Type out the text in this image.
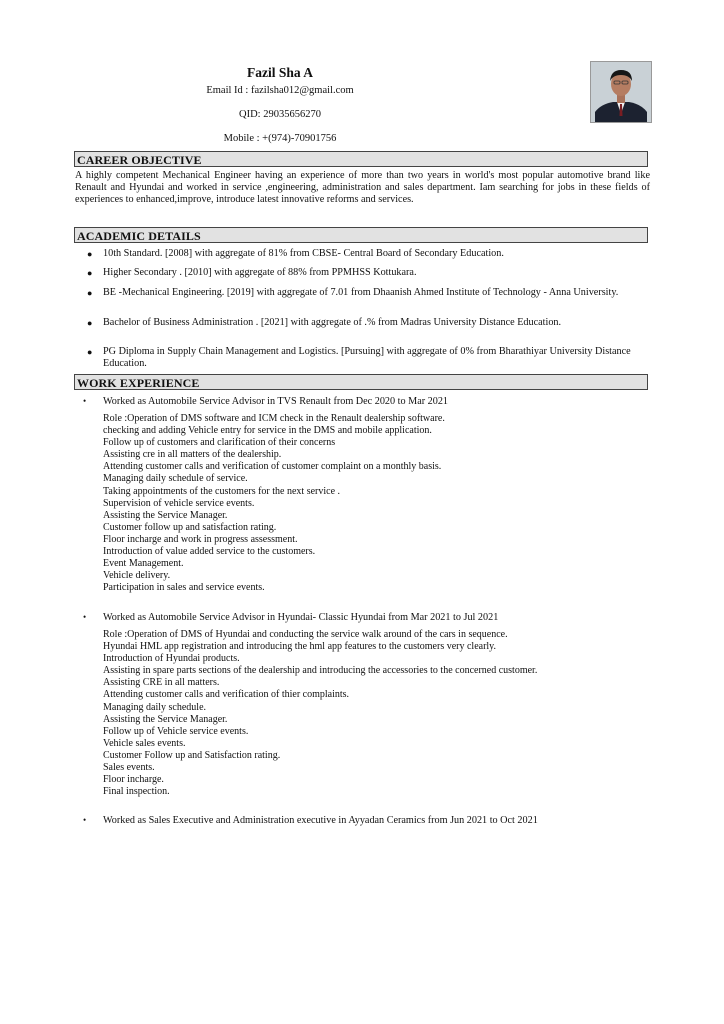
Fazil Sha A
Email Id : fazilsha012@gmail.com
QID: 29035656270
Mobile : +(974)-70901756
CAREER OBJECTIVE
A highly competent Mechanical Engineer having an experience of more than two years in world's most popular automotive brand like Renault and Hyundai and worked in service ,engineering, administration and sales department. Iam searching for jobs in these fields of experiences to enhanced,improve, introduce latest innovative reforms and services.
ACADEMIC DETAILS
● 10th Standard. [2008] with aggregate of 81% from CBSE- Central Board of Secondary Education.
● Higher Secondary . [2010] with aggregate of 88% from PPMHSS Kottukara.
● BE -Mechanical Engineering. [2019] with aggregate of 7.01 from Dhaanish Ahmed Institute of Technology - Anna University.
● Bachelor of Business Administration . [2021] with aggregate of .% from Madras University Distance Education.
● PG Diploma in Supply Chain Management and Logistics. [Pursuing] with aggregate of 0% from Bharathiyar University Distance Education.
WORK EXPERIENCE
• Worked as Automobile Service Advisor in TVS Renault from Dec 2020 to Mar 2021
Role :Operation of DMS software and ICM check in the Renault dealership software.
checking and adding Vehicle entry for service in the DMS and mobile application.
Follow up of customers and clarification of their concerns
Assisting cre in all matters of the dealership.
Attending customer calls and verification of customer complaint on a monthly basis.
Managing daily schedule of service.
Taking appointments of the customers for the next service .
Supervision of vehicle service events.
Assisting the Service Manager.
Customer follow up and satisfaction rating.
Floor incharge and work in progress assessment.
Introduction of value added service to the customers.
Event Management.
Vehicle delivery.
Participation in sales and service events.
• Worked as Automobile Service Advisor in Hyundai- Classic Hyundai from Mar 2021 to Jul 2021
Role :Operation of DMS of Hyundai and conducting the service walk around of the cars in sequence.
Hyundai HML app registration and introducing the hml app features to the customers very clearly.
Introduction of Hyundai products.
Assisting in spare parts sections of the dealership and introducing the accessories to the concerned customer.
Assisting CRE in all matters.
Attending customer calls and verification of thier complaints.
Managing daily schedule.
Assisting the Service Manager.
Follow up of Vehicle service events.
Vehicle sales events.
Customer Follow up and Satisfaction rating.
Sales events.
Floor incharge.
Final inspection.
• Worked as Sales Executive and Administration executive in Ayyadan Ceramics from Jun 2021 to Oct 2021
